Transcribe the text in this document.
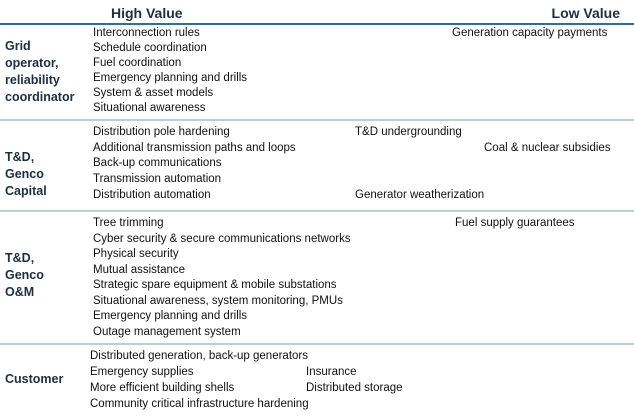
High Value	Low Value
Grid
operator,
reliability
coordinator
Interconnection rules
Schedule coordination
Fuel coordination
Emergency planning and drills
System & asset models
Situational awareness
Generation capacity payments
T&D,
Genco
Capital
Distribution pole hardening
Additional transmission paths and loops
Back-up communications
Transmission automation
Distribution automation
T&D undergrounding
Generator weatherization
Coal & nuclear subsidies
T&D,
Genco
O&M
Tree trimming
Cyber security & secure communications networks
Physical security
Mutual assistance
Strategic spare equipment & mobile substations
Situational awareness, system monitoring, PMUs
Emergency planning and drills
Outage management system
Fuel supply guarantees
Customer
Distributed generation, back-up generators
Emergency supplies
More efficient building shells
Community critical infrastructure hardening
Insurance
Distributed storage
